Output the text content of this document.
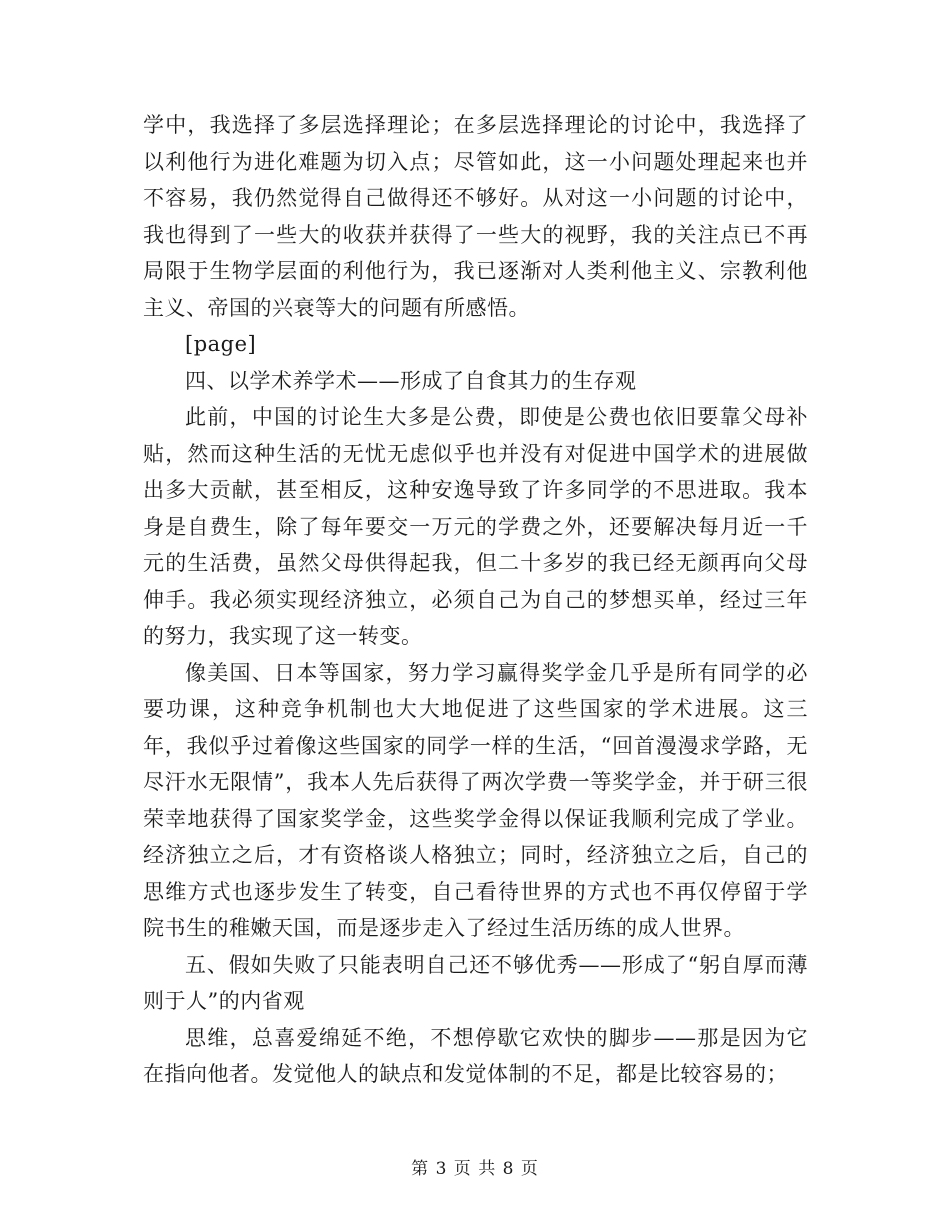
学中，我选择了多层选择理论；在多层选择理论的讨论中，我选择了以利他行为进化难题为切入点；尽管如此，这一小问题处理起来也并不容易，我仍然觉得自己做得还不够好。从对这一小问题的讨论中，我也得到了一些大的收获并获得了一些大的视野，我的关注点已不再局限于生物学层面的利他行为，我已逐渐对人类利他主义、宗教利他主义、帝国的兴衰等大的问题有所感悟。

[page]

四、以学术养学术——形成了自食其力的生存观

此前，中国的讨论生大多是公费，即使是公费也依旧要靠父母补贴，然而这种生活的无忧无虑似乎也并没有对促进中国学术的进展做出多大贡献，甚至相反，这种安逸导致了许多同学的不思进取。我本身是自费生，除了每年要交一万元的学费之外，还要解决每月近一千元的生活费，虽然父母供得起我，但二十多岁的我已经无颜再向父母伸手。我必须实现经济独立，必须自己为自己的梦想买单，经过三年的努力，我实现了这一转变。

像美国、日本等国家，努力学习赢得奖学金几乎是所有同学的必要功课，这种竞争机制也大大地促进了这些国家的学术进展。这三年，我似乎过着像这些国家的同学一样的生活，“回首漫漫求学路，无尽汗水无限情”，我本人先后获得了两次学费一等奖学金，并于研三很荣幸地获得了国家奖学金，这些奖学金得以保证我顺利完成了学业。经济独立之后，才有资格谈人格独立；同时，经济独立之后，自己的思维方式也逐步发生了转变，自己看待世界的方式也不再仅停留于学院书生的稚嫩天国，而是逐步走入了经过生活历练的成人世界。

五、假如失败了只能表明自己还不够优秀——形成了“躬自厚而薄则于人”的内省观

思维，总喜爱绵延不绝，不想停歇它欢快的脚步——那是因为它在指向他者。发觉他人的缺点和发觉体制的不足，都是比较容易的；

第 3 页 共 8 页
